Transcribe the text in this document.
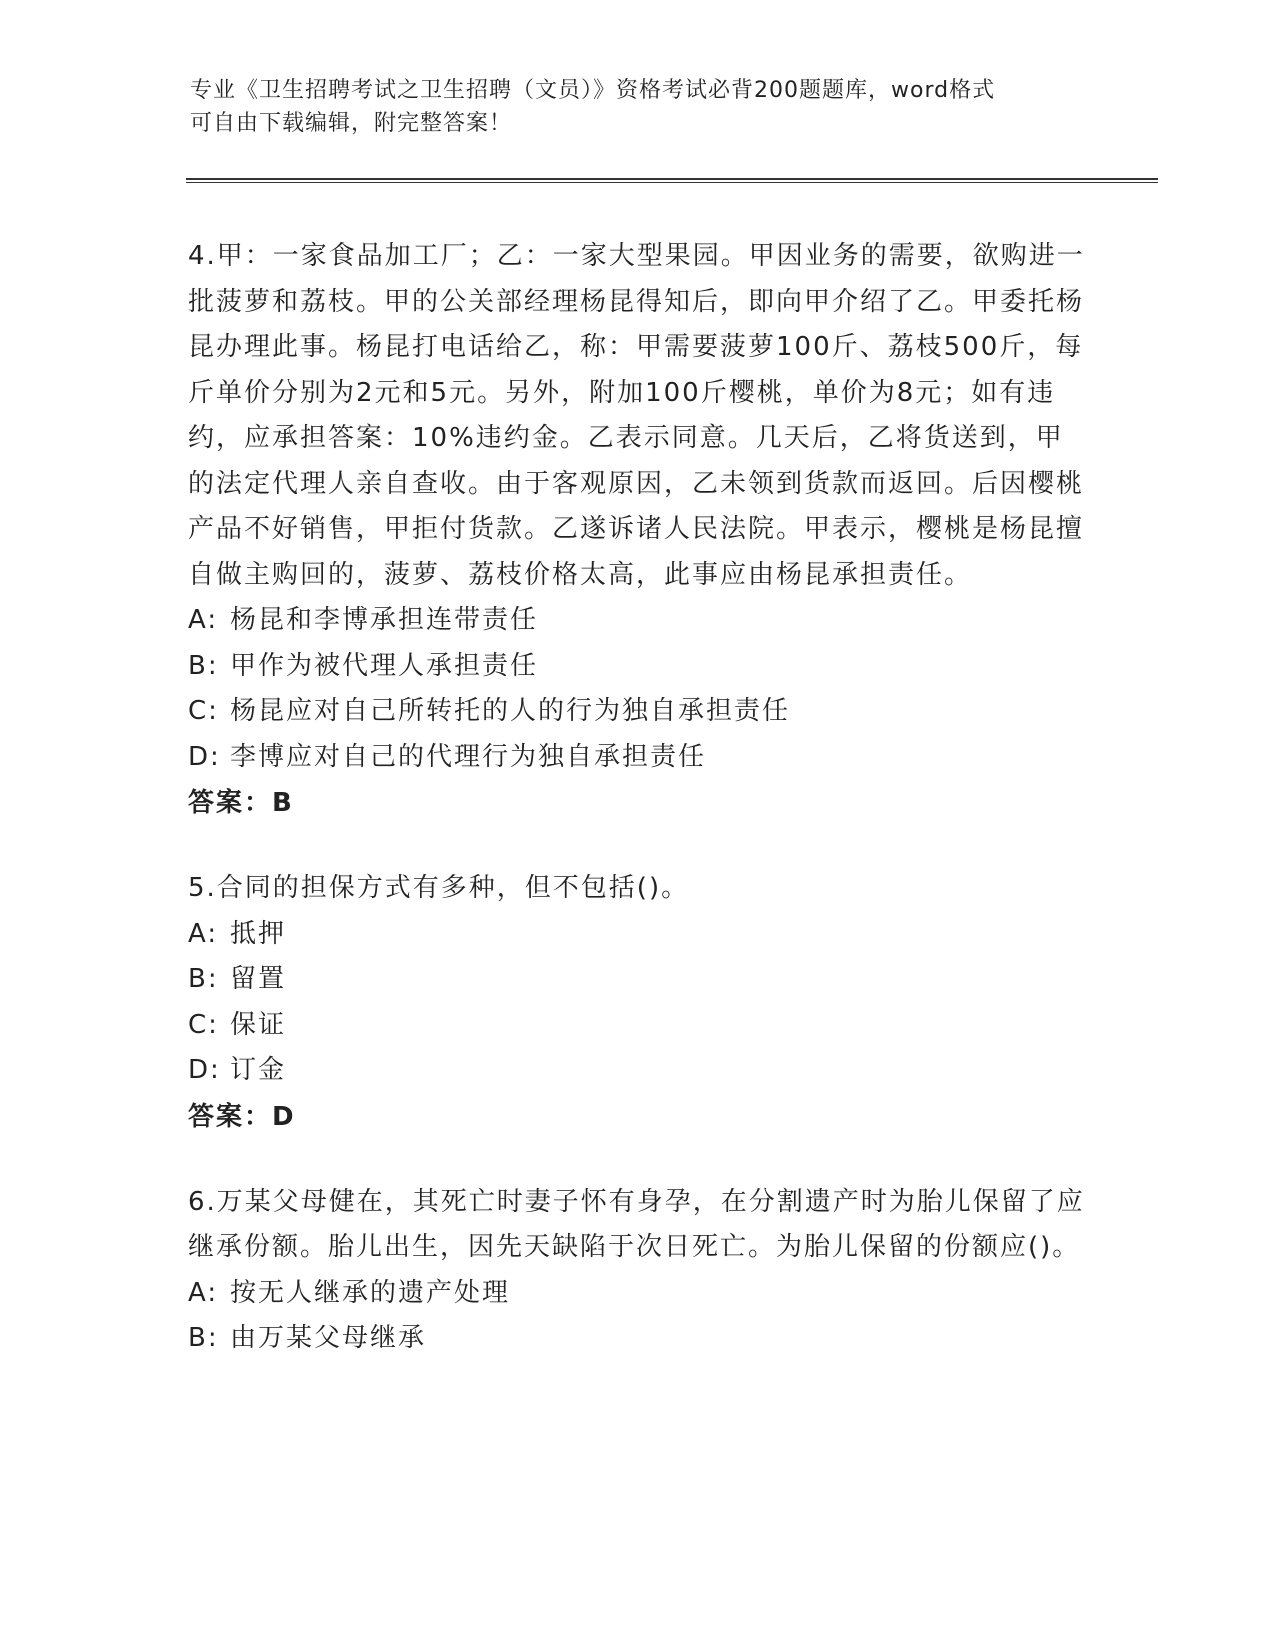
专业《卫生招聘考试之卫生招聘（文员）》资格考试必背200题题库，word格式
可自由下载编辑，附完整答案！

4.甲：一家食品加工厂；乙：一家大型果园。甲因业务的需要，欲购进一批菠萝和荔枝。甲的公关部经理杨昆得知后，即向甲介绍了乙。甲委托杨昆办理此事。杨昆打电话给乙，称：甲需要菠萝100斤、荔枝500斤，每斤单价分别为2元和5元。另外，附加100斤樱桃，单价为8元；如有违约，应承担答案：10%违约金。乙表示同意。几天后，乙将货送到，甲的法定代理人亲自查收。由于客观原因，乙未领到货款而返回。后因樱桃产品不好销售，甲拒付货款。乙遂诉诸人民法院。甲表示，樱桃是杨昆擅自做主购回的，菠萝、荔枝价格太高，此事应由杨昆承担责任。

A: 杨昆和李博承担连带责任
B: 甲作为被代理人承担责任
C: 杨昆应对自己所转托的人的行为独自承担责任
D: 李博应对自己的代理行为独自承担责任
答案：B

5.合同的担保方式有多种，但不包括()。

A: 抵押
B: 留置
C: 保证
D: 订金
答案：D

6.万某父母健在，其死亡时妻子怀有身孕，在分割遗产时为胎儿保留了应继承份额。胎儿出生，因先天缺陷于次日死亡。为胎儿保留的份额应()。

A: 按无人继承的遗产处理
B: 由万某父母继承
